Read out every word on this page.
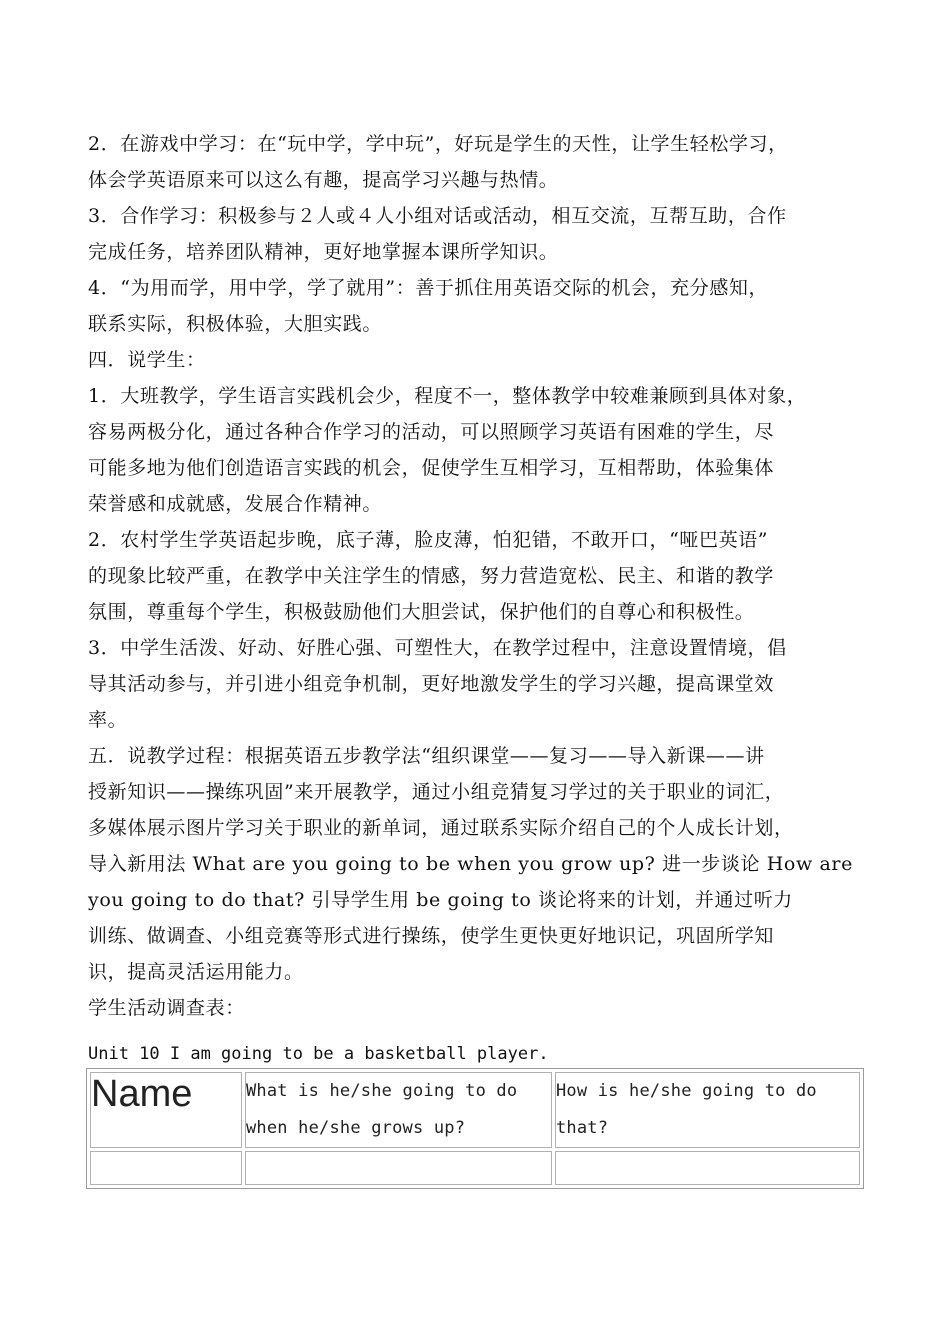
2．在游戏中学习：在“玩中学，学中玩”，好玩是学生的天性，让学生轻松学习，
体会学英语原来可以这么有趣，提高学习兴趣与热情。
3．合作学习：积极参与２人或４人小组对话或活动，相互交流，互帮互助，合作
完成任务，培养团队精神，更好地掌握本课所学知识。
4．“为用而学，用中学，学了就用”：善于抓住用英语交际的机会，充分感知，
联系实际，积极体验，大胆实践。
四．说学生：
1．大班教学，学生语言实践机会少，程度不一，整体教学中较难兼顾到具体对象，
容易两极分化，通过各种合作学习的活动，可以照顾学习英语有困难的学生，尽
可能多地为他们创造语言实践的机会，促使学生互相学习，互相帮助，体验集体
荣誉感和成就感，发展合作精神。
2．农村学生学英语起步晚，底子薄，脸皮薄，怕犯错，不敢开口，“哑巴英语”
的现象比较严重，在教学中关注学生的情感，努力营造宽松、民主、和谐的教学
氛围，尊重每个学生，积极鼓励他们大胆尝试，保护他们的自尊心和积极性。
3．中学生活泼、好动、好胜心强、可塑性大，在教学过程中，注意设置情境，倡
导其活动参与，并引进小组竞争机制，更好地激发学生的学习兴趣，提高课堂效
率。
五．说教学过程：根据英语五步教学法“组织课堂——复习——导入新课——讲
授新知识——操练巩固”来开展教学，通过小组竞猜复习学过的关于职业的词汇，
多媒体展示图片学习关于职业的新单词，通过联系实际介绍自己的个人成长计划，
导入新用法 What are you going to be when you grow up? 进一步谈论 How are
you going to do that? 引导学生用 be going to 谈论将来的计划，并通过听力
训练、做调查、小组竞赛等形式进行操练，使学生更快更好地识记，巩固所学知
识，提高灵活运用能力。
学生活动调查表：
Unit 10 I am going to be a basketball player.
Name	What is he/she going to do
when he/she grows up?	How is he/she going to do
that?
